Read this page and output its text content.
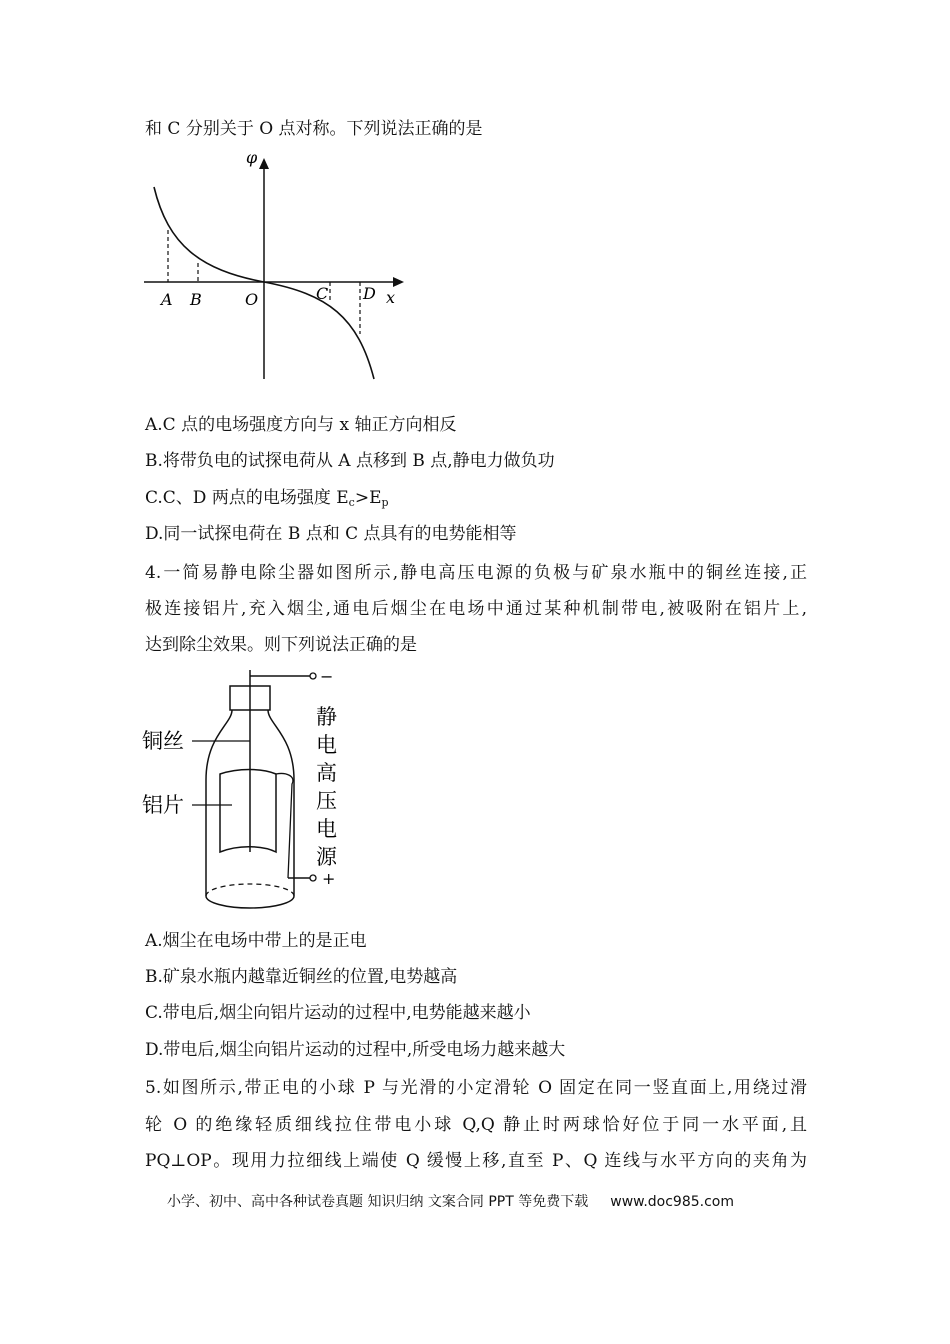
和 C 分别关于 O 点对称。下列说法正确的是
φ
x
A B	O	C D
A.C 点的电场强度方向与 x 轴正方向相反
B.将带负电的试探电荷从 A 点移到 B 点,静电力做负功
C.C、D 两点的电场强度 $E_c>E_p$
D.同一试探电荷在 B 点和 C 点具有的电势能相等
4.一简易静电除尘器如图所示,静电高压电源的负极与矿泉水瓶中的铜丝连接,正
极连接铝片,充入烟尘,通电后烟尘在电场中通过某种机制带电,被吸附在铝片上,
达到除尘效果。则下列说法正确的是
铜丝
铝片
−
+
静
电
高
压
电
源
A.烟尘在电场中带上的是正电
B.矿泉水瓶内越靠近铜丝的位置,电势越高
C.带电后,烟尘向铝片运动的过程中,电势能越来越小
D.带电后,烟尘向铝片运动的过程中,所受电场力越来越大
5.如图所示,带正电的小球 P 与光滑的小定滑轮 O 固定在同一竖直面上,用绕过滑
轮 O 的绝缘轻质细线拉住带电小球 Q,Q 静止时两球恰好位于同一水平面,且
PQ⊥OP。现用力拉细线上端使 Q 缓慢上移,直至 P、Q 连线与水平方向的夹角为
小学、初中、高中各种试卷真题 知识归纳 文案合同 PPT 等免费下载 www.doc985.com
